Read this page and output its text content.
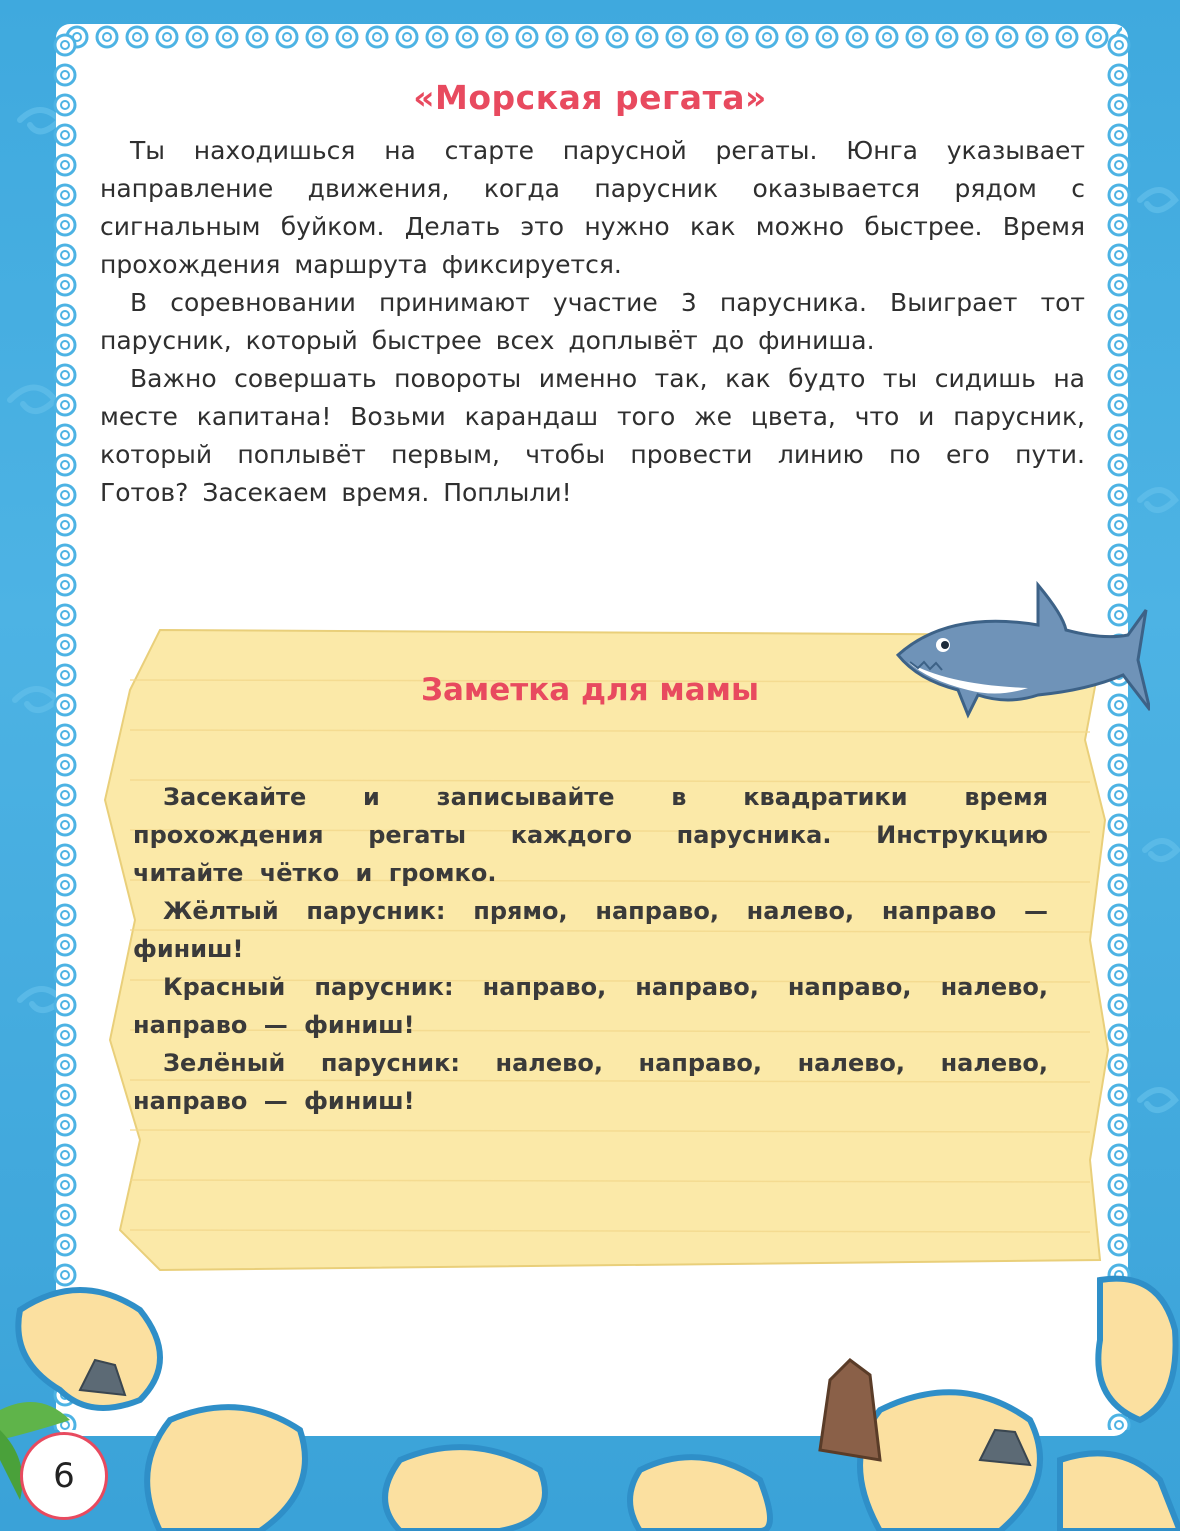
«Морская регата»

Ты находишься на старте парусной регаты. Юнга указывает направление движения, когда парусник оказывается рядом с сигнальным буйком. Делать это нужно как можно быстрее. Время прохождения маршрута фиксируется.

В соревновании принимают участие 3 парусника. Выиграет тот парусник, который быстрее всех доплывёт до финиша.

Важно совершать повороты именно так, как будто ты сидишь на месте капитана! Возьми карандаш того же цвета, что и парусник, который поплывёт первым, чтобы провести линию по его пути. Готов? Засекаем время. Поплыли!

Заметка для мамы

Засекайте и записывайте в квадратики время прохождения регаты каждого парусника. Инструкцию читайте чётко и громко.

Жёлтый парусник: прямо, направо, налево, направо — финиш!

Красный парусник: направо, направо, направо, налево, направо — финиш!

Зелёный парусник: налево, направо, налево, налево, направо — финиш!

6
